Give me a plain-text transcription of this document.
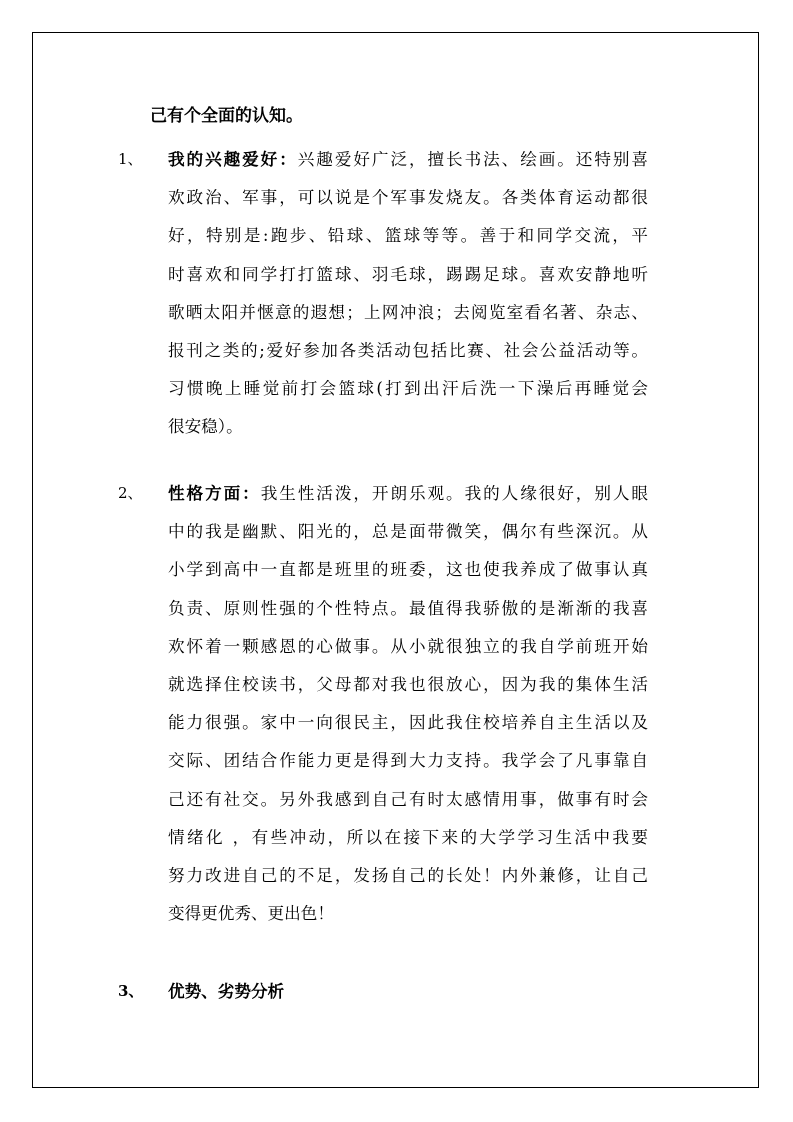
己有个全面的认知。
1、 我的兴趣爱好：兴趣爱好广泛，擅长书法、绘画。还特别喜
欢政治、军事，可以说是个军事发烧友。各类体育运动都很
好，特别是:跑步、铅球、篮球等等。善于和同学交流，平
时喜欢和同学打打篮球、羽毛球，踢踢足球。喜欢安静地听
歌晒太阳并惬意的遐想；上网冲浪；去阅览室看名著、杂志、
报刊之类的;爱好参加各类活动包括比赛、社会公益活动等。
习惯晚上睡觉前打会篮球(打到出汗后洗一下澡后再睡觉会
很安稳）。
2、 性格方面：我生性活泼，开朗乐观。我的人缘很好，别人眼
中的我是幽默、阳光的，总是面带微笑，偶尔有些深沉。从
小学到高中一直都是班里的班委，这也使我养成了做事认真
负责、原则性强的个性特点。最值得我骄傲的是渐渐的我喜
欢怀着一颗感恩的心做事。从小就很独立的我自学前班开始
就选择住校读书，父母都对我也很放心，因为我的集体生活
能力很强。家中一向很民主，因此我住校培养自主生活以及
交际、团结合作能力更是得到大力支持。我学会了凡事靠自
己还有社交。另外我感到自己有时太感情用事，做事有时会
情绪化 ，有些冲动，所以在接下来的大学学习生活中我要
努力改进自己的不足，发扬自己的长处！内外兼修，让自己
变得更优秀、更出色！
3、 优势、劣势分析
